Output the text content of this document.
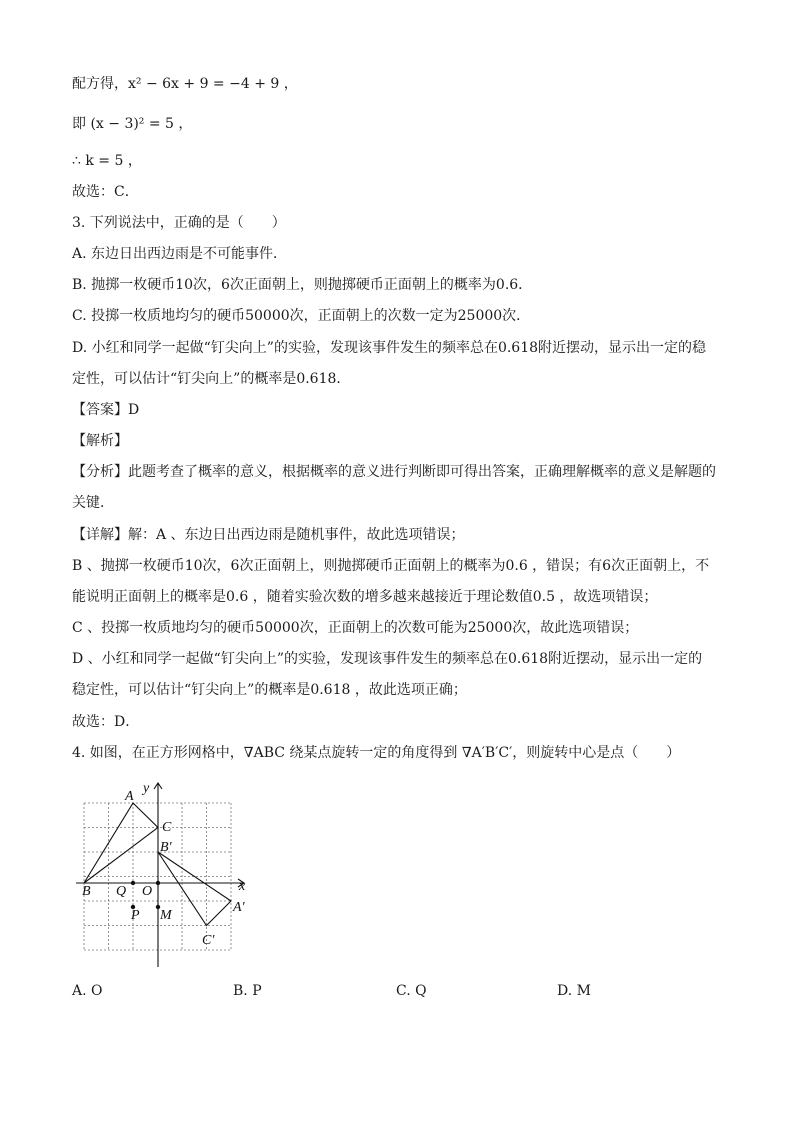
配方得，x² − 6x + 9 = −4 + 9 ，
即 (x − 3)² = 5 ，
∴ k = 5 ，
故选：C．
3. 下列说法中，正确的是（　　）
A. 东边日出西边雨是不可能事件．
B. 抛掷一枚硬币10次，6次正面朝上，则抛掷硬币正面朝上的概率为0.6．
C. 投掷一枚质地均匀的硬币50000次，正面朝上的次数一定为25000次．
D. 小红和同学一起做“钉尖向上”的实验，发现该事件发生的频率总在0.618附近摆动，显示出一定的稳
定性，可以估计“钉尖向上”的概率是0.618．
【答案】D
【解析】
【分析】此题考查了概率的意义，根据概率的意义进行判断即可得出答案，正确理解概率的意义是解题的
关键．
【详解】解：A 、东边日出西边雨是随机事件，故此选项错误；
B 、抛掷一枚硬币10次，6次正面朝上，则抛掷硬币正面朝上的概率为0.6 ，错误；有6次正面朝上，不
能说明正面朝上的概率是0.6 ，随着实验次数的增多越来越接近于理论数值0.5 ，故选项错误；
C 、投掷一枚质地均匀的硬币50000次，正面朝上的次数可能为25000次，故此选项错误；
D 、小红和同学一起做“钉尖向上”的实验，发现该事件发生的频率总在0.618附近摆动，显示出一定的
稳定性，可以估计“钉尖向上”的概率是0.618 ，故此选项正确；
故选：D．
4. 如图，在正方形网格中，∇ABC 绕某点旋转一定的角度得到 ∇A′B′C′，则旋转中心是点（　　）
A
C
B′
B Q O
P M
A′
C′
x
y
A. O	B. P	C. Q	D. M
